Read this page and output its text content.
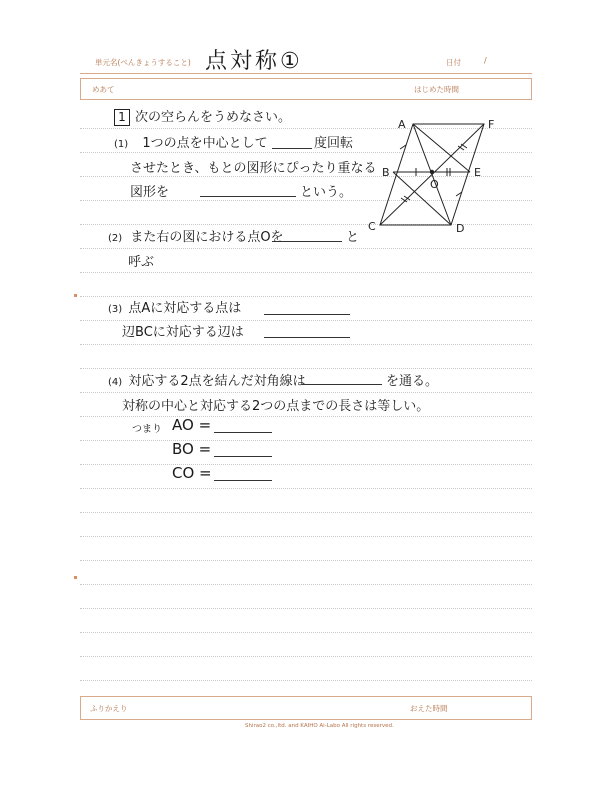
単元名(べんきょうすること) 点対称①	日付	/
めあて	はじめた時間
1 次の空らんをうめなさい。
(1) 1つの点を中心として	度回転
させたとき、もとの図形にぴったり重なる
図形を	という。
A	F
B	E
O
C	D
(2) また右の図における点Oを	と
呼ぶ
(3) 点Aに対応する点は
辺BCに対応する辺は
(4) 対応する2点を結んだ対角線は	を通る。
対称の中心と対応する2つの点までの長さは等しい。
つまり AO =
BO =
CO =
ふりかえり	おえた時間
Shirao2 co.,ltd. and KAIHO Ai-Labo All rights reserved.
